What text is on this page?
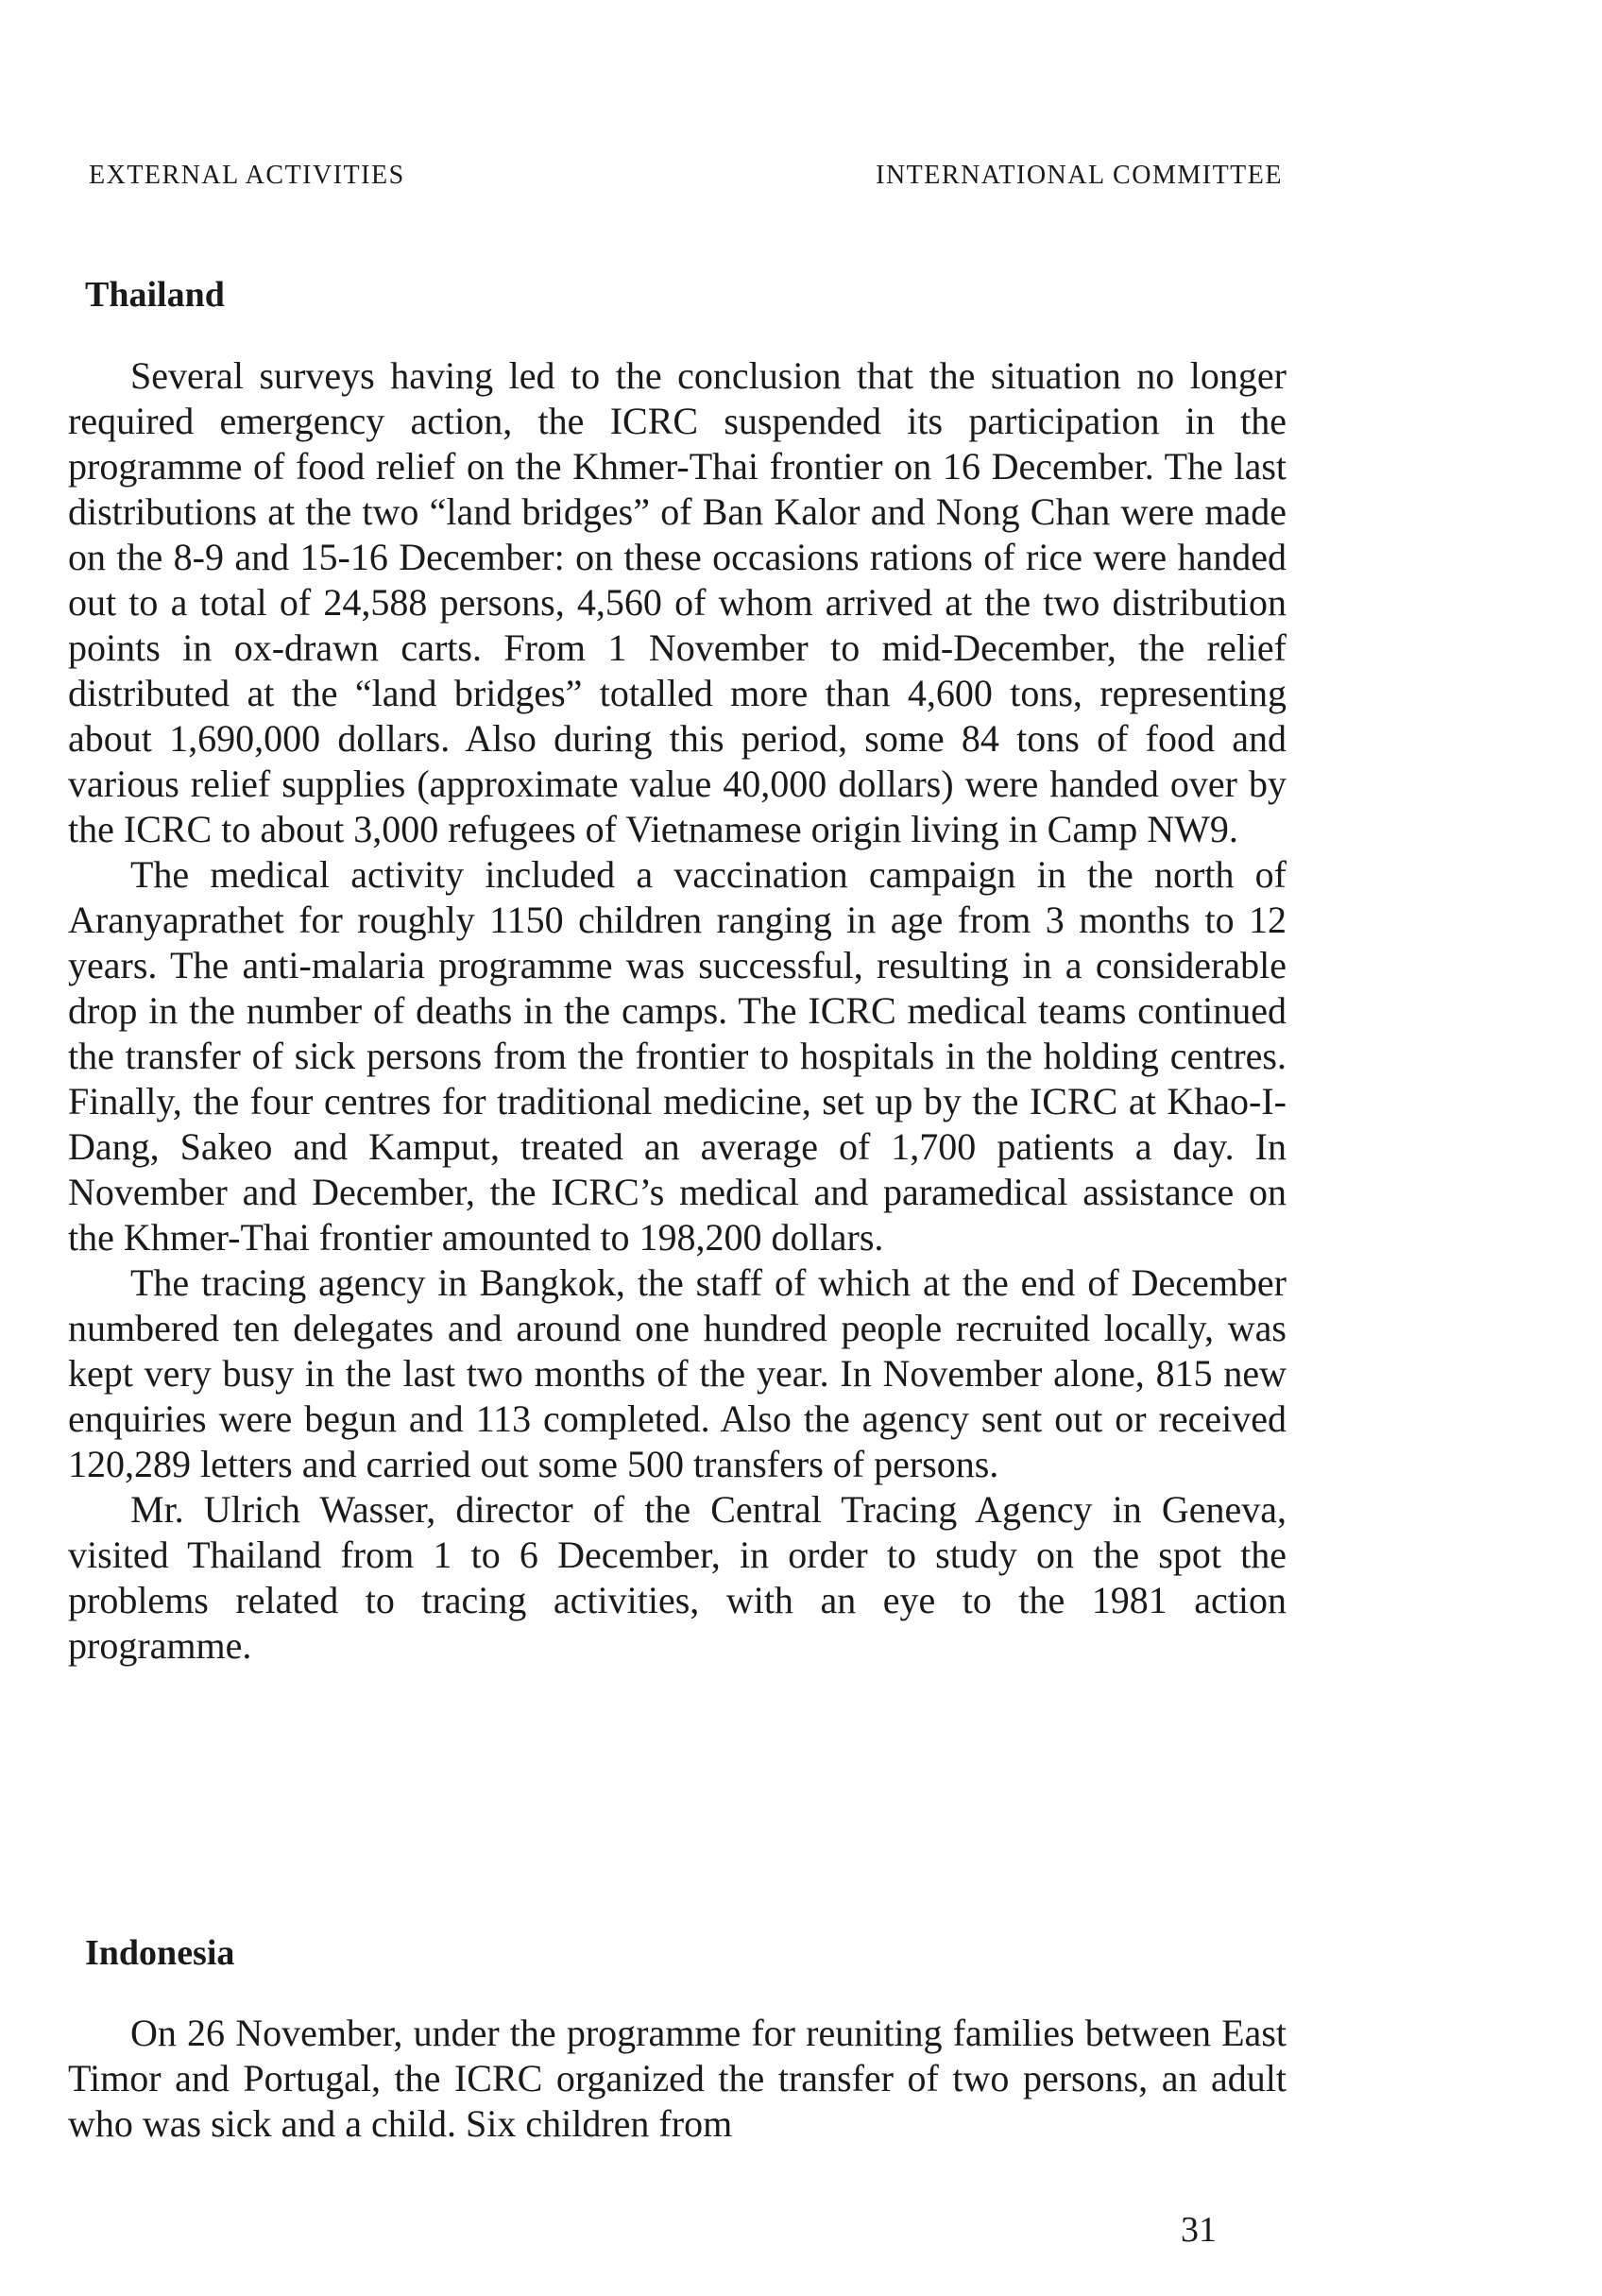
EXTERNAL ACTIVITIES	INTERNATIONAL COMMITTEE
Thailand

Several surveys having led to the conclusion that the situation no longer required emergency action, the ICRC suspended its participation in the programme of food relief on the Khmer-Thai frontier on 16 December. The last distributions at the two “land bridges” of Ban Kalor and Nong Chan were made on the 8-9 and 15-16 December: on these occasions rations of rice were handed out to a total of 24,588 persons, 4,560 of whom arrived at the two distribution points in ox-drawn carts. From 1 November to mid-December, the relief distributed at the “land bridges” totalled more than 4,600 tons, representing about 1,690,000 dollars. Also during this period, some 84 tons of food and various relief supplies (approximate value 40,000 dollars) were handed over by the ICRC to about 3,000 refugees of Vietnamese origin living in Camp NW9.

The medical activity included a vaccination campaign in the north of Aranyaprathet for roughly 1150 children ranging in age from 3 months to 12 years. The anti-malaria programme was successful, resulting in a considerable drop in the number of deaths in the camps. The ICRC medical teams continued the transfer of sick persons from the frontier to hospitals in the holding centres. Finally, the four centres for traditional medicine, set up by the ICRC at Khao-I-Dang, Sakeo and Kamput, treated an average of 1,700 patients a day. In November and December, the ICRC’s medical and paramedical assistance on the Khmer-Thai frontier amounted to 198,200 dollars.

The tracing agency in Bangkok, the staff of which at the end of December numbered ten delegates and around one hundred people recruited locally, was kept very busy in the last two months of the year. In November alone, 815 new enquiries were begun and 113 completed. Also the agency sent out or received 120,289 letters and carried out some 500 transfers of persons.

Mr. Ulrich Wasser, director of the Central Tracing Agency in Geneva, visited Thailand from 1 to 6 December, in order to study on the spot the problems related to tracing activities, with an eye to the 1981 action programme.

Indonesia

On 26 November, under the programme for reuniting families between East Timor and Portugal, the ICRC organized the transfer of two persons, an adult who was sick and a child. Six children from

31
